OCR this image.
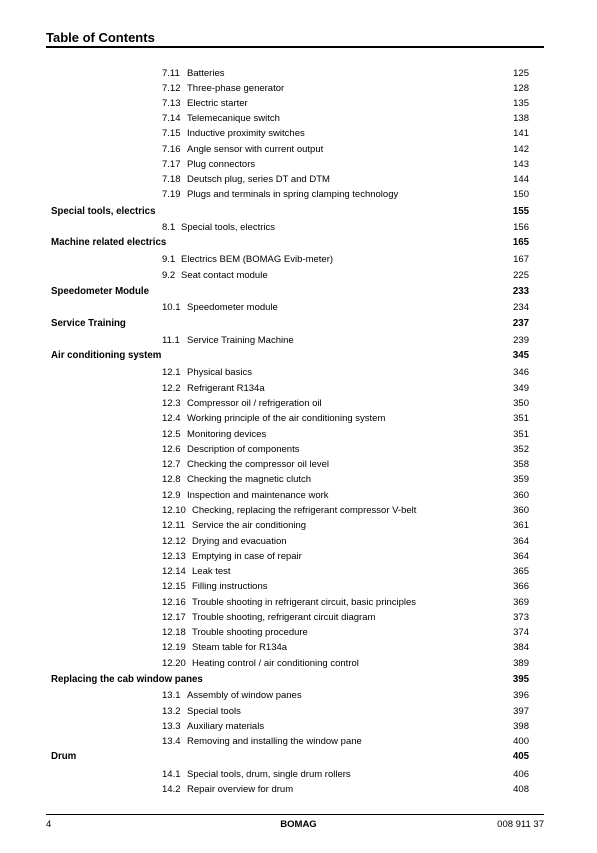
Table of Contents
7.11 Batteries	125
7.12 Three-phase generator	128
7.13 Electric starter	135
7.14 Telemecanique switch	138
7.15 Inductive proximity switches	141
7.16 Angle sensor with current output	142
7.17 Plug connectors	143
7.18 Deutsch plug, series DT and DTM	144
7.19 Plugs and terminals in spring clamping technology	150
Special tools, electrics	155
8.1 Special tools, electrics	156
Machine related electrics	165
9.1 Electrics BEM (BOMAG Evib-meter)	167
9.2 Seat contact module	225
Speedometer Module	233
10.1 Speedometer module	234
Service Training	237
11.1 Service Training Machine	239
Air conditioning system	345
12.1 Physical basics	346
12.2 Refrigerant R134a	349
12.3 Compressor oil / refrigeration oil	350
12.4 Working principle of the air conditioning system	351
12.5 Monitoring devices	351
12.6 Description of components	352
12.7 Checking the compressor oil level	358
12.8 Checking the magnetic clutch	359
12.9 Inspection and maintenance work	360
12.10 Checking, replacing the refrigerant compressor V-belt	360
12.11 Service the air conditioning	361
12.12 Drying and evacuation	364
12.13 Emptying in case of repair	364
12.14 Leak test	365
12.15 Filling instructions	366
12.16 Trouble shooting in refrigerant circuit, basic principles	369
12.17 Trouble shooting, refrigerant circuit diagram	373
12.18 Trouble shooting procedure	374
12.19 Steam table for R134a	384
12.20 Heating control / air conditioning control	389
Replacing the cab window panes	395
13.1 Assembly of window panes	396
13.2 Special tools	397
13.3 Auxiliary materials	398
13.4 Removing and installing the window pane	400
Drum	405
14.1 Special tools, drum, single drum rollers	406
14.2 Repair overview for drum	408
4	BOMAG	008 911 37
